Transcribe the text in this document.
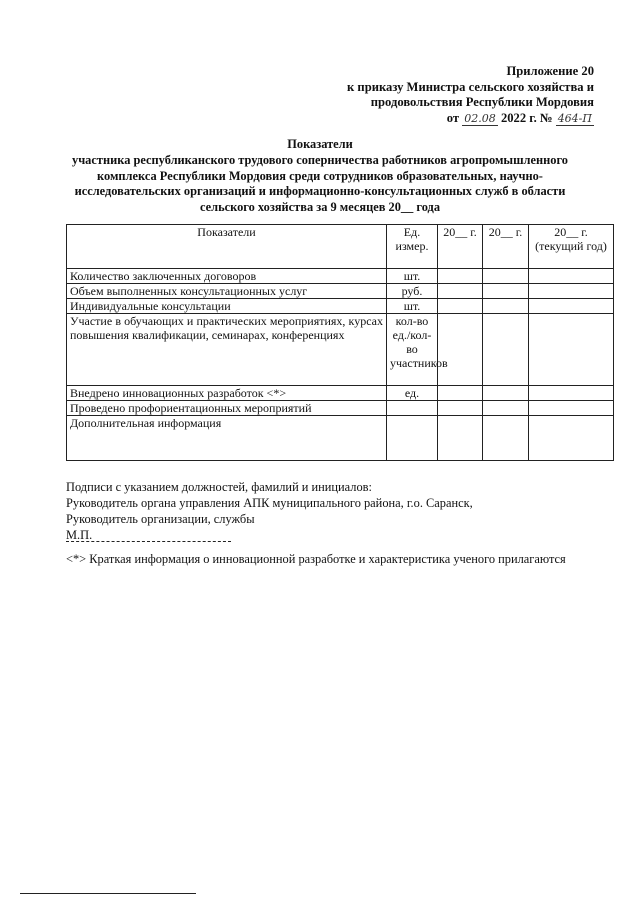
Приложение 20
к приказу Министра сельского хозяйства и
продовольствия Республики Мордовия
от 02.08 2022 г. № 464-П
Показатели
участника республиканского трудового соперничества работников агропромышленного комплекса Республики Мордовия среди сотрудников образовательных, научно-исследовательских организаций и информационно-консультационных служб в области сельского хозяйства за 9 месяцев 20__ года
Показатели	Ед. измер.	20__ г.	20__ г.	20__ г. (текущий год)
Количество заключенных договоров	шт.			
Объем выполненных консультационных услуг	руб.			
Индивидуальные консультации	шт.			
Участие в обучающих и практических мероприятиях, курсах повышения квалификации, семинарах, конференциях	кол-во ед./кол-во участников			
Внедрено инновационных разработок <*>	ед.			
Проведено профориентационных мероприятий				
Дополнительная информация				
Подписи с указанием должностей, фамилий и инициалов:
Руководитель органа управления АПК муниципального района, г.о. Саранск,
Руководитель организации, службы
М.П.
<*> Краткая информация о инновационной разработке и характеристика ученого прилагаются
